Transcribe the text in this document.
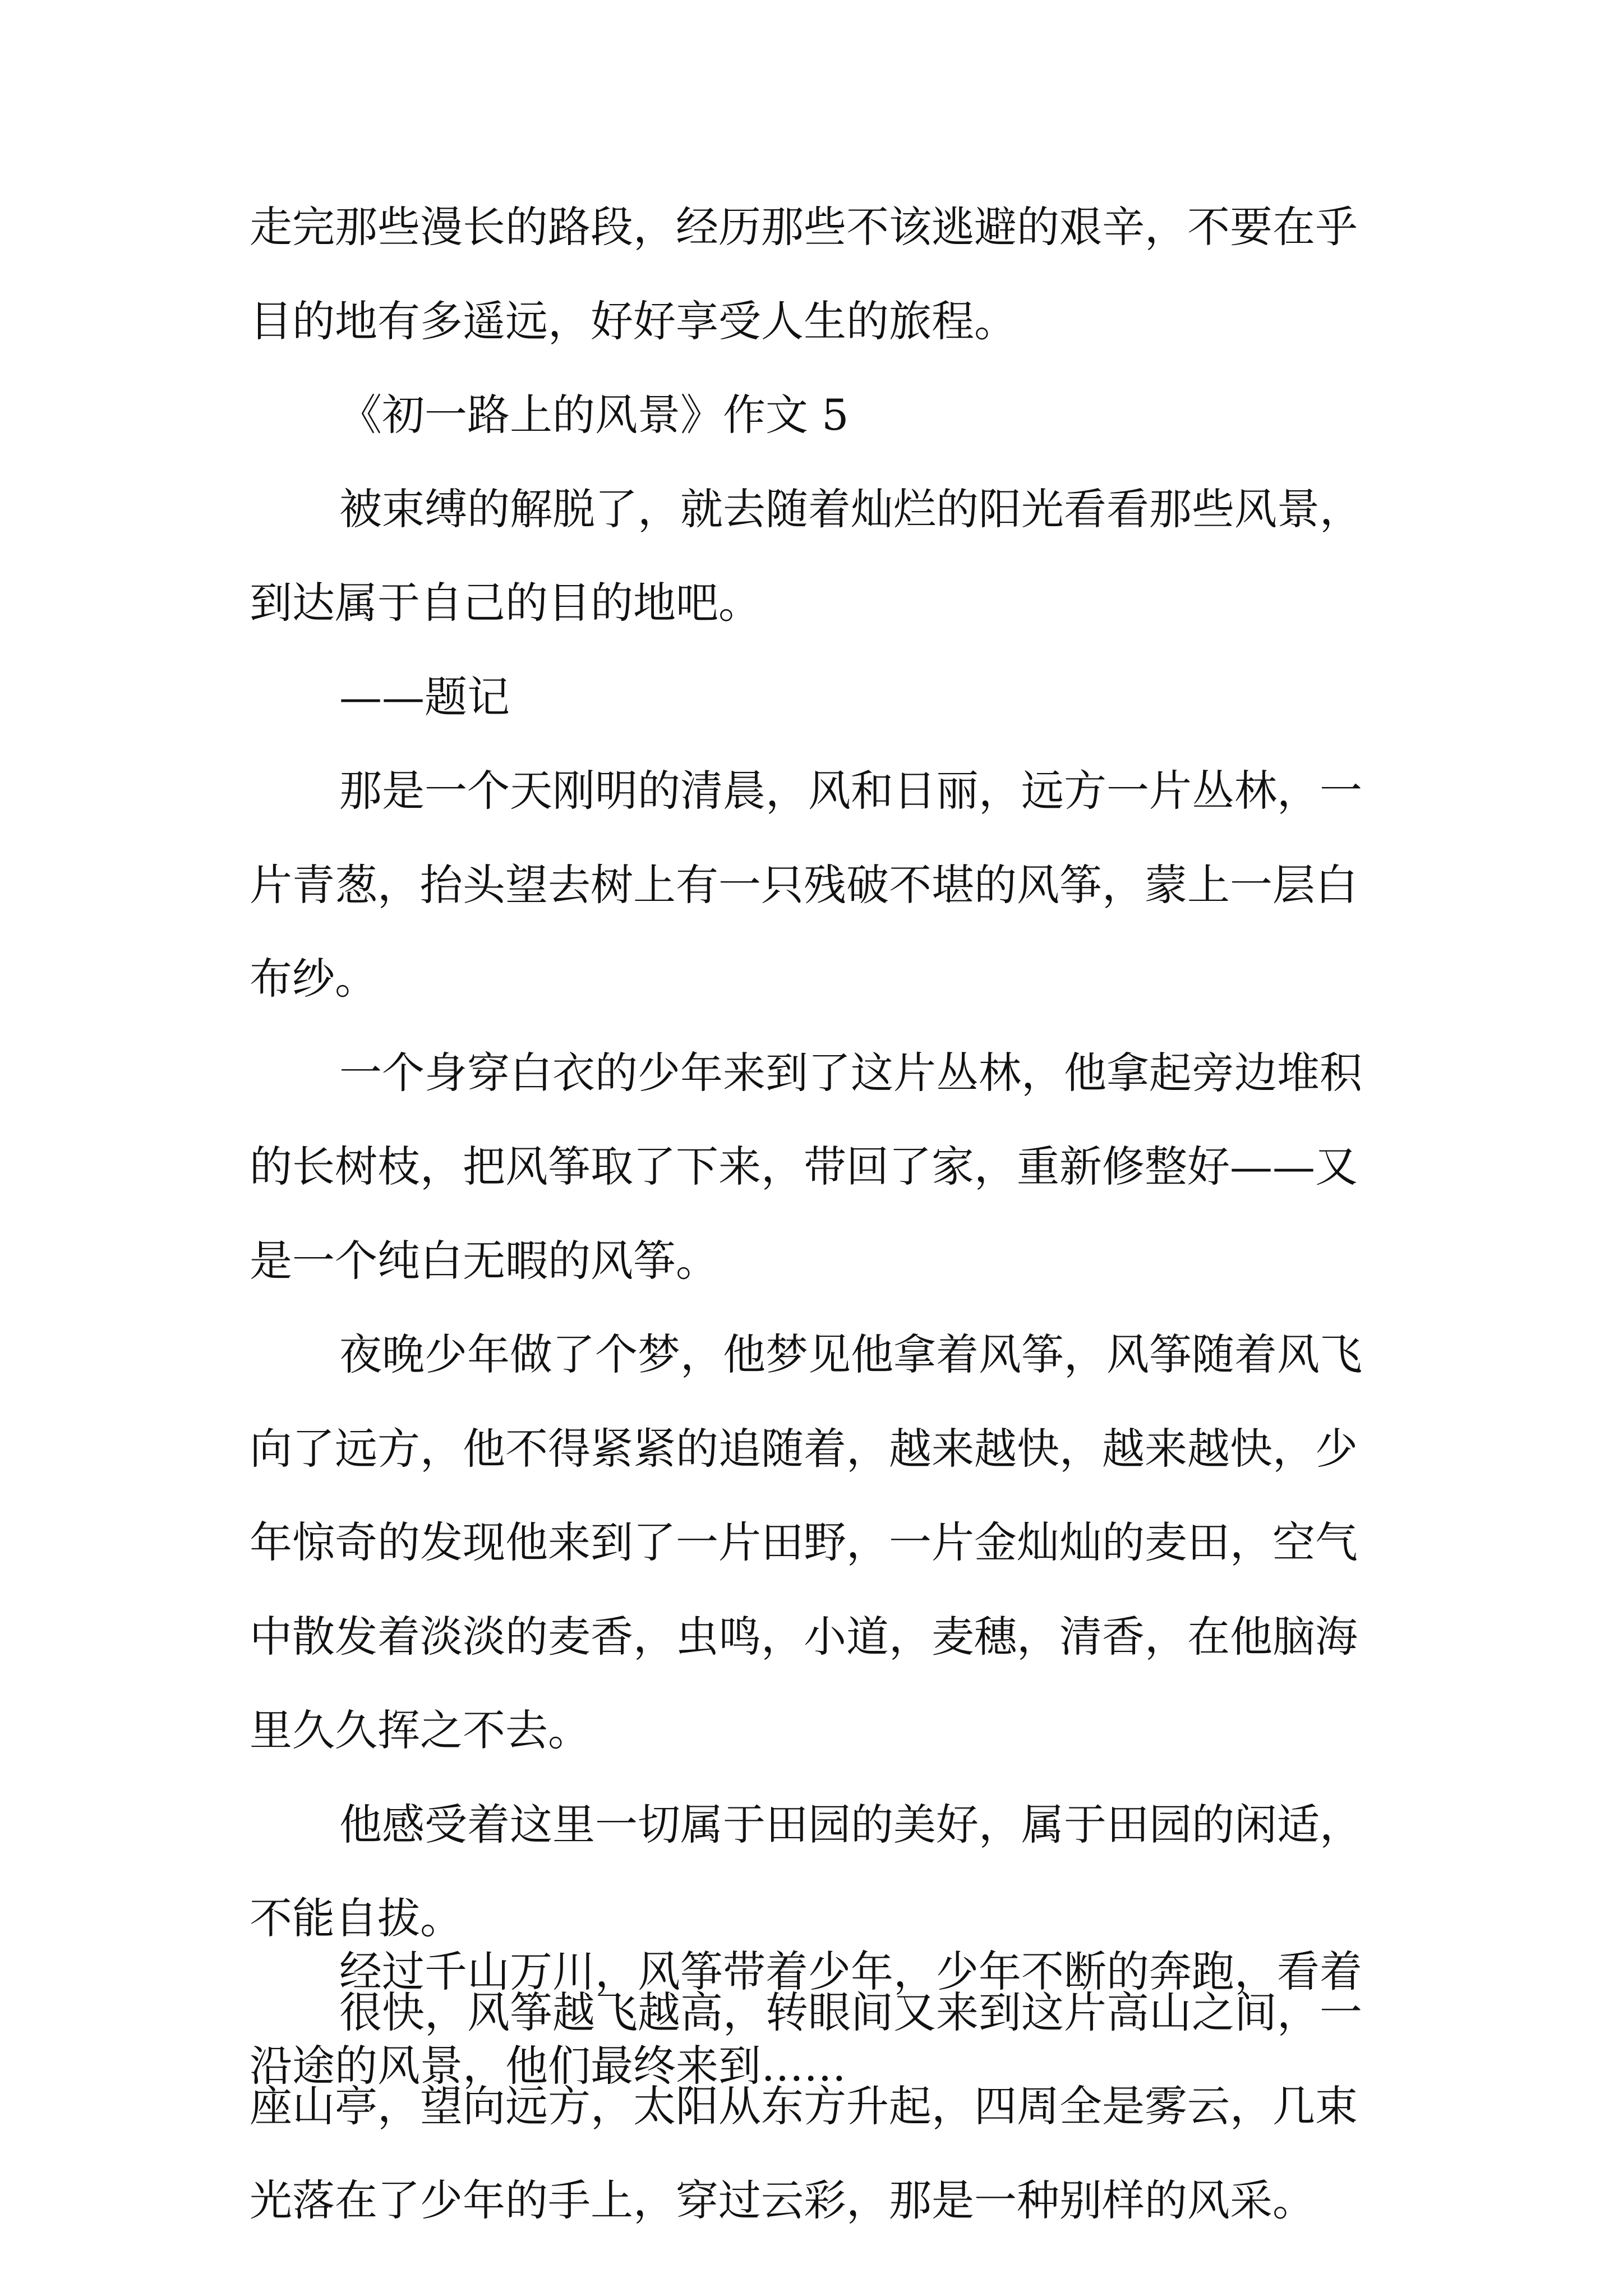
走完那些漫长的路段，经历那些不该逃避的艰辛，不要在乎
目的地有多遥远，好好享受人生的旅程。
《初一路上的风景》作文 5
被束缚的解脱了，就去随着灿烂的阳光看看那些风景，
到达属于自己的目的地吧。
——题记
那是一个天刚明的清晨，风和日丽，远方一片丛林，一
片青葱，抬头望去树上有一只残破不堪的风筝，蒙上一层白
布纱。
一个身穿白衣的少年来到了这片丛林，他拿起旁边堆积
的长树枝，把风筝取了下来，带回了家，重新修整好——又
是一个纯白无暇的风筝。
夜晚少年做了个梦，他梦见他拿着风筝，风筝随着风飞
向了远方，他不得紧紧的追随着，越来越快，越来越快，少
年惊奇的发现他来到了一片田野，一片金灿灿的麦田，空气
中散发着淡淡的麦香，虫鸣，小道，麦穗，清香，在他脑海
里久久挥之不去。
他感受着这里一切属于田园的美好，属于田园的闲适，
不能自拔。
很快，风筝越飞越高，转眼间又来到这片高山之间，一
座山亭，望向远方，太阳从东方升起，四周全是雾云，几束
光落在了少年的手上，穿过云彩，那是一种别样的风采。
经过千山万川，风筝带着少年，少年不断的奔跑，看着
沿途的风景，他们最终来到……
